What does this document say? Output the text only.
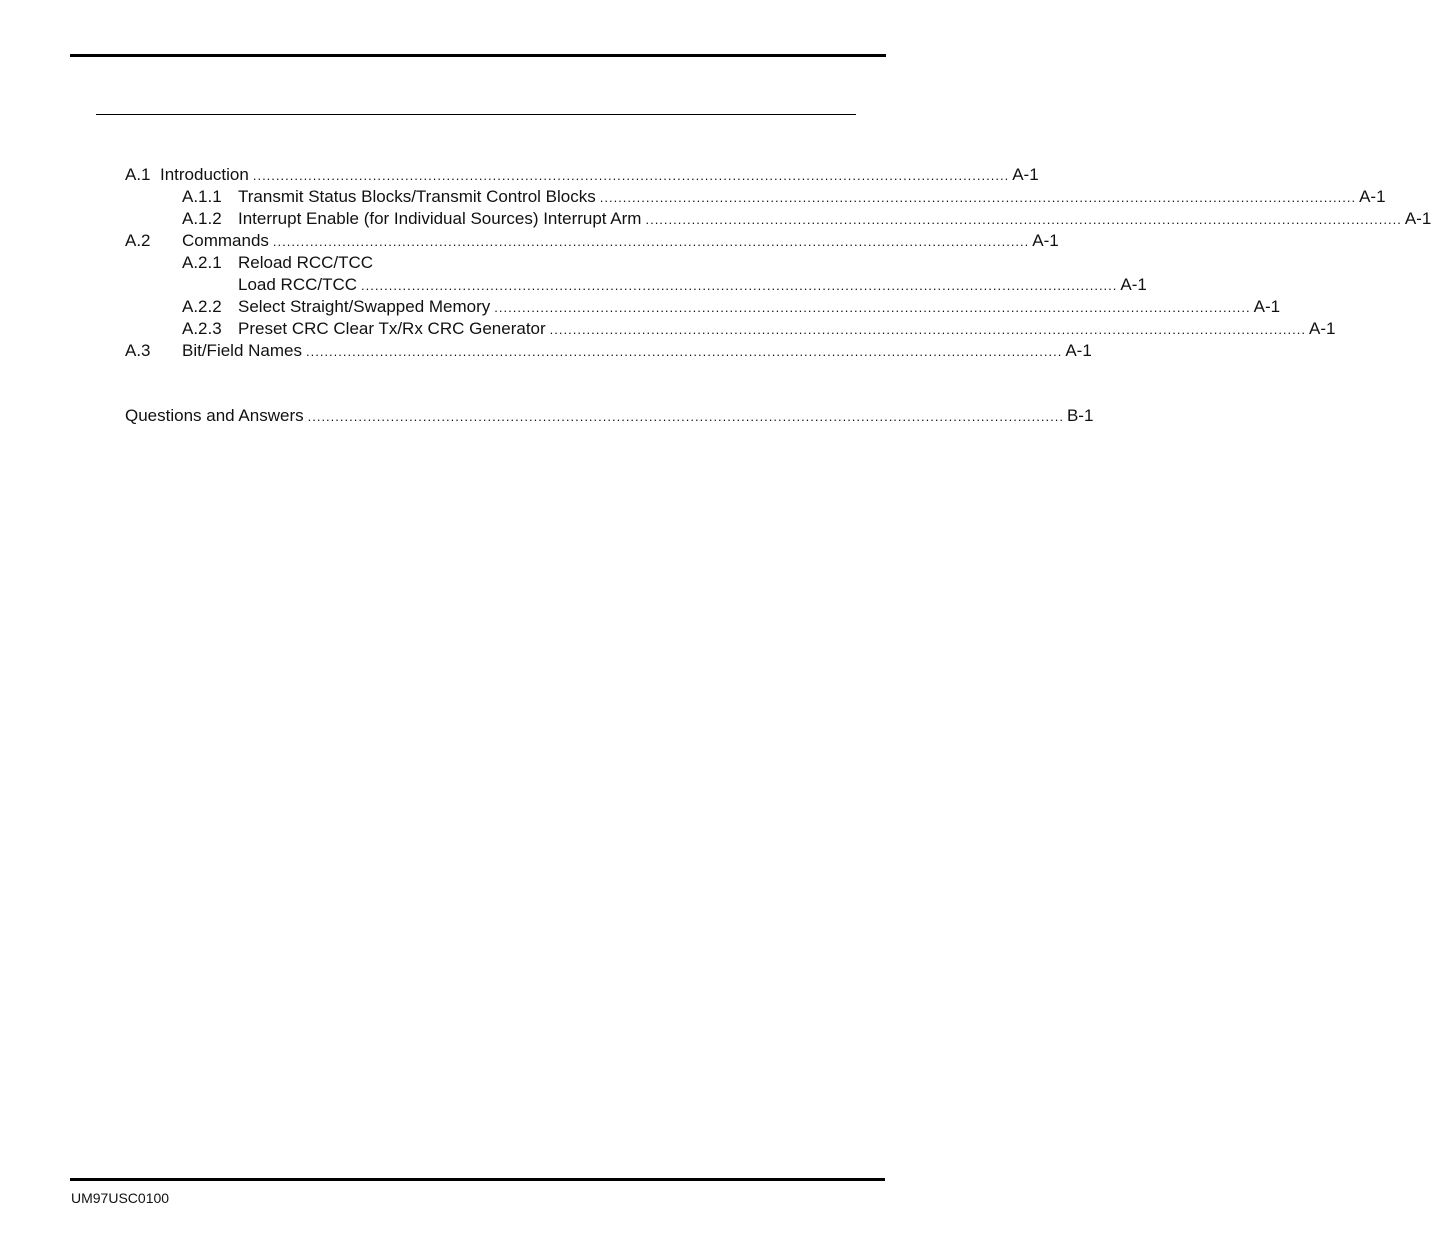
A.1 Introduction .................................................................................................................................................................... A-1
A.1.1 Transmit Status Blocks/Transmit Control Blocks .................................................................................................................................................................... A-1
A.1.2 Interrupt Enable (for Individual Sources) Interrupt Arm .................................................................................................................................................................... A-1
A.2 Commands .................................................................................................................................................................... A-1
A.2.1 Reload RCC/TCC
Load RCC/TCC .................................................................................................................................................................... A-1
A.2.2 Select Straight/Swapped Memory .................................................................................................................................................................... A-1
A.2.3 Preset CRC Clear Tx/Rx CRC Generator .................................................................................................................................................................... A-1
A.3 Bit/Field Names .................................................................................................................................................................... A-1
Questions and Answers .................................................................................................................................................................... B-1
UM97USC0100
